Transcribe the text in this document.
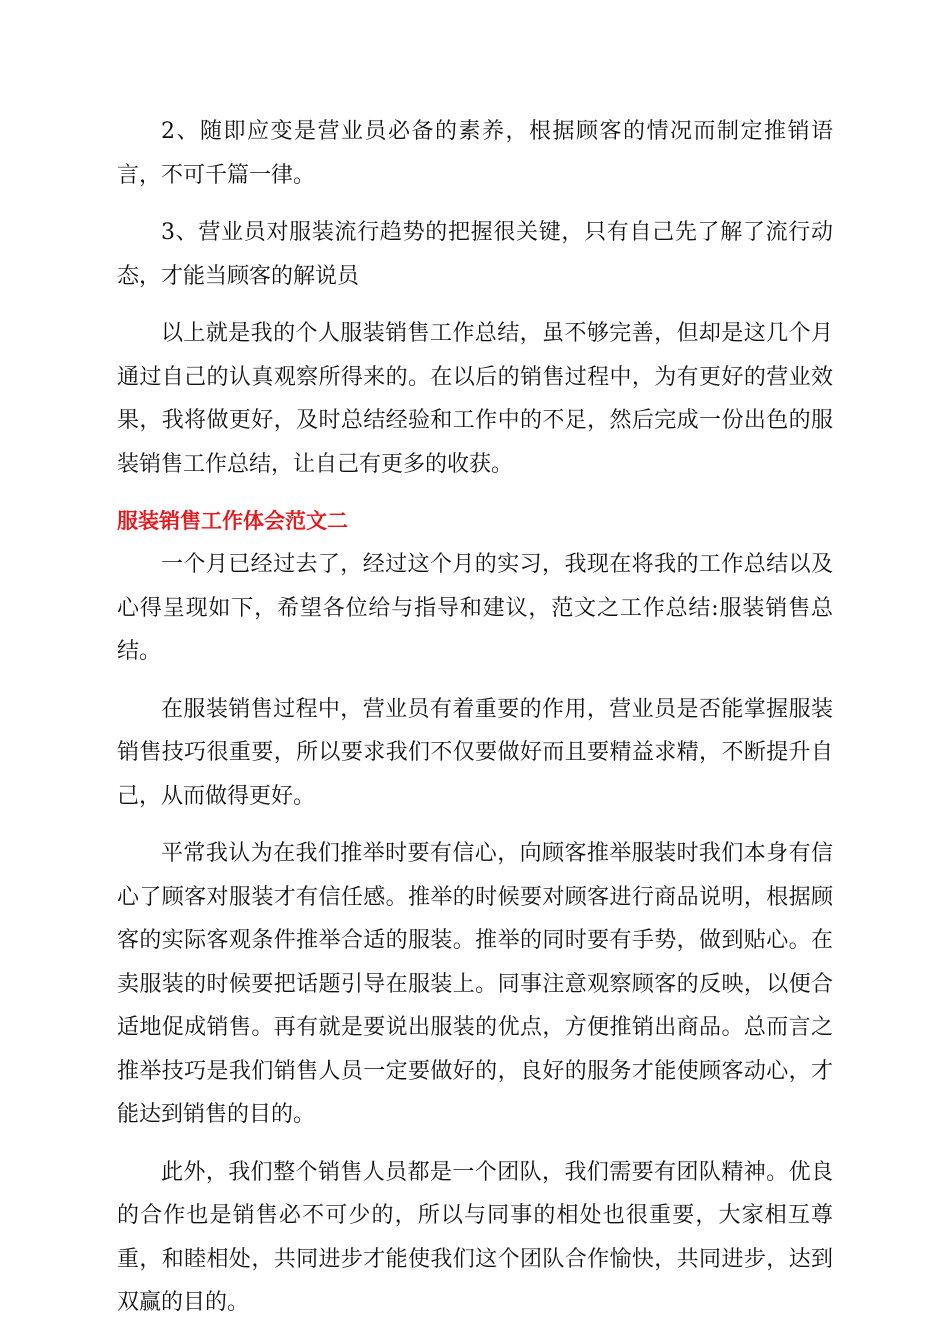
2、随即应变是营业员必备的素养，根据顾客的情况而制定推销语言，不可千篇一律。

3、营业员对服装流行趋势的把握很关键，只有自己先了解了流行动态，才能当顾客的解说员

以上就是我的个人服装销售工作总结，虽不够完善，但却是这几个月通过自己的认真观察所得来的。在以后的销售过程中，为有更好的营业效果，我将做更好，及时总结经验和工作中的不足，然后完成一份出色的服装销售工作总结，让自己有更多的收获。

服装销售工作体会范文二

一个月已经过去了，经过这个月的实习，我现在将我的工作总结以及心得呈现如下，希望各位给与指导和建议，范文之工作总结:服装销售总结。

在服装销售过程中，营业员有着重要的作用，营业员是否能掌握服装销售技巧很重要，所以要求我们不仅要做好而且要精益求精，不断提升自己，从而做得更好。

平常我认为在我们推举时要有信心，向顾客推举服装时我们本身有信心了顾客对服装才有信任感。推举的时候要对顾客进行商品说明，根据顾客的实际客观条件推举合适的服装。推举的同时要有手势，做到贴心。在卖服装的时候要把话题引导在服装上。同事注意观察顾客的反映，以便合适地促成销售。再有就是要说出服装的优点，方便推销出商品。总而言之推举技巧是我们销售人员一定要做好的，良好的服务才能使顾客动心，才能达到销售的目的。

此外，我们整个销售人员都是一个团队，我们需要有团队精神。优良的合作也是销售必不可少的，所以与同事的相处也很重要，大家相互尊重，和睦相处，共同进步才能使我们这个团队合作愉快，共同进步，达到双赢的目的。
